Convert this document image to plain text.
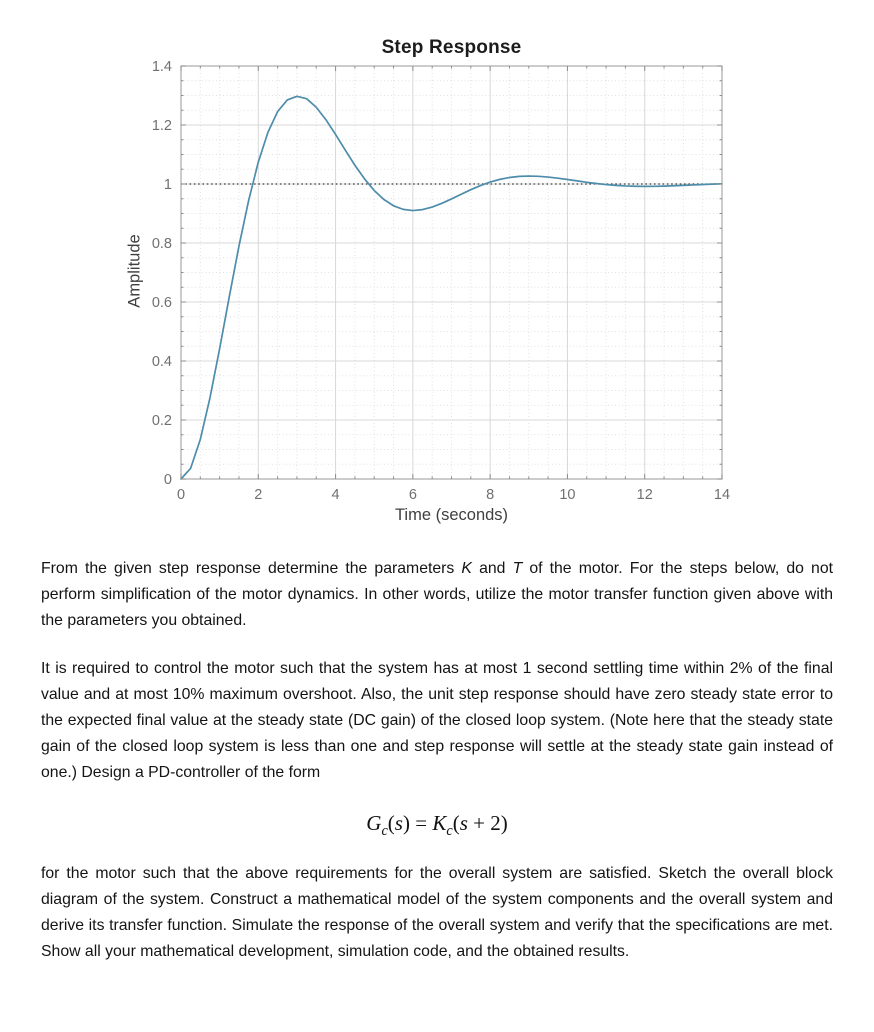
Step Response
0	2	4	6	8	10	12	14
0
0.2
0.4
0.6
0.8
1
1.2
1.4
Time (seconds)
Amplitude

From the given step response determine the parameters K and T of the motor. For the steps below, do not perform simplification of the motor dynamics. In other words, utilize the motor transfer function given above with the parameters you obtained.

It is required to control the motor such that the system has at most 1 second settling time within 2% of the final value and at most 10% maximum overshoot. Also, the unit step response should have zero steady state error to the expected final value at the steady state (DC gain) of the closed loop system. (Note here that the steady state gain of the closed loop system is less than one and step response will settle at the steady state gain instead of one.) Design a PD-controller of the form

$G_c(s) = K_c(s + 2)$

for the motor such that the above requirements for the overall system are satisfied. Sketch the overall block diagram of the system. Construct a mathematical model of the system components and the overall system and derive its transfer function. Simulate the response of the overall system and verify that the specifications are met. Show all your mathematical development, simulation code, and the obtained results.
